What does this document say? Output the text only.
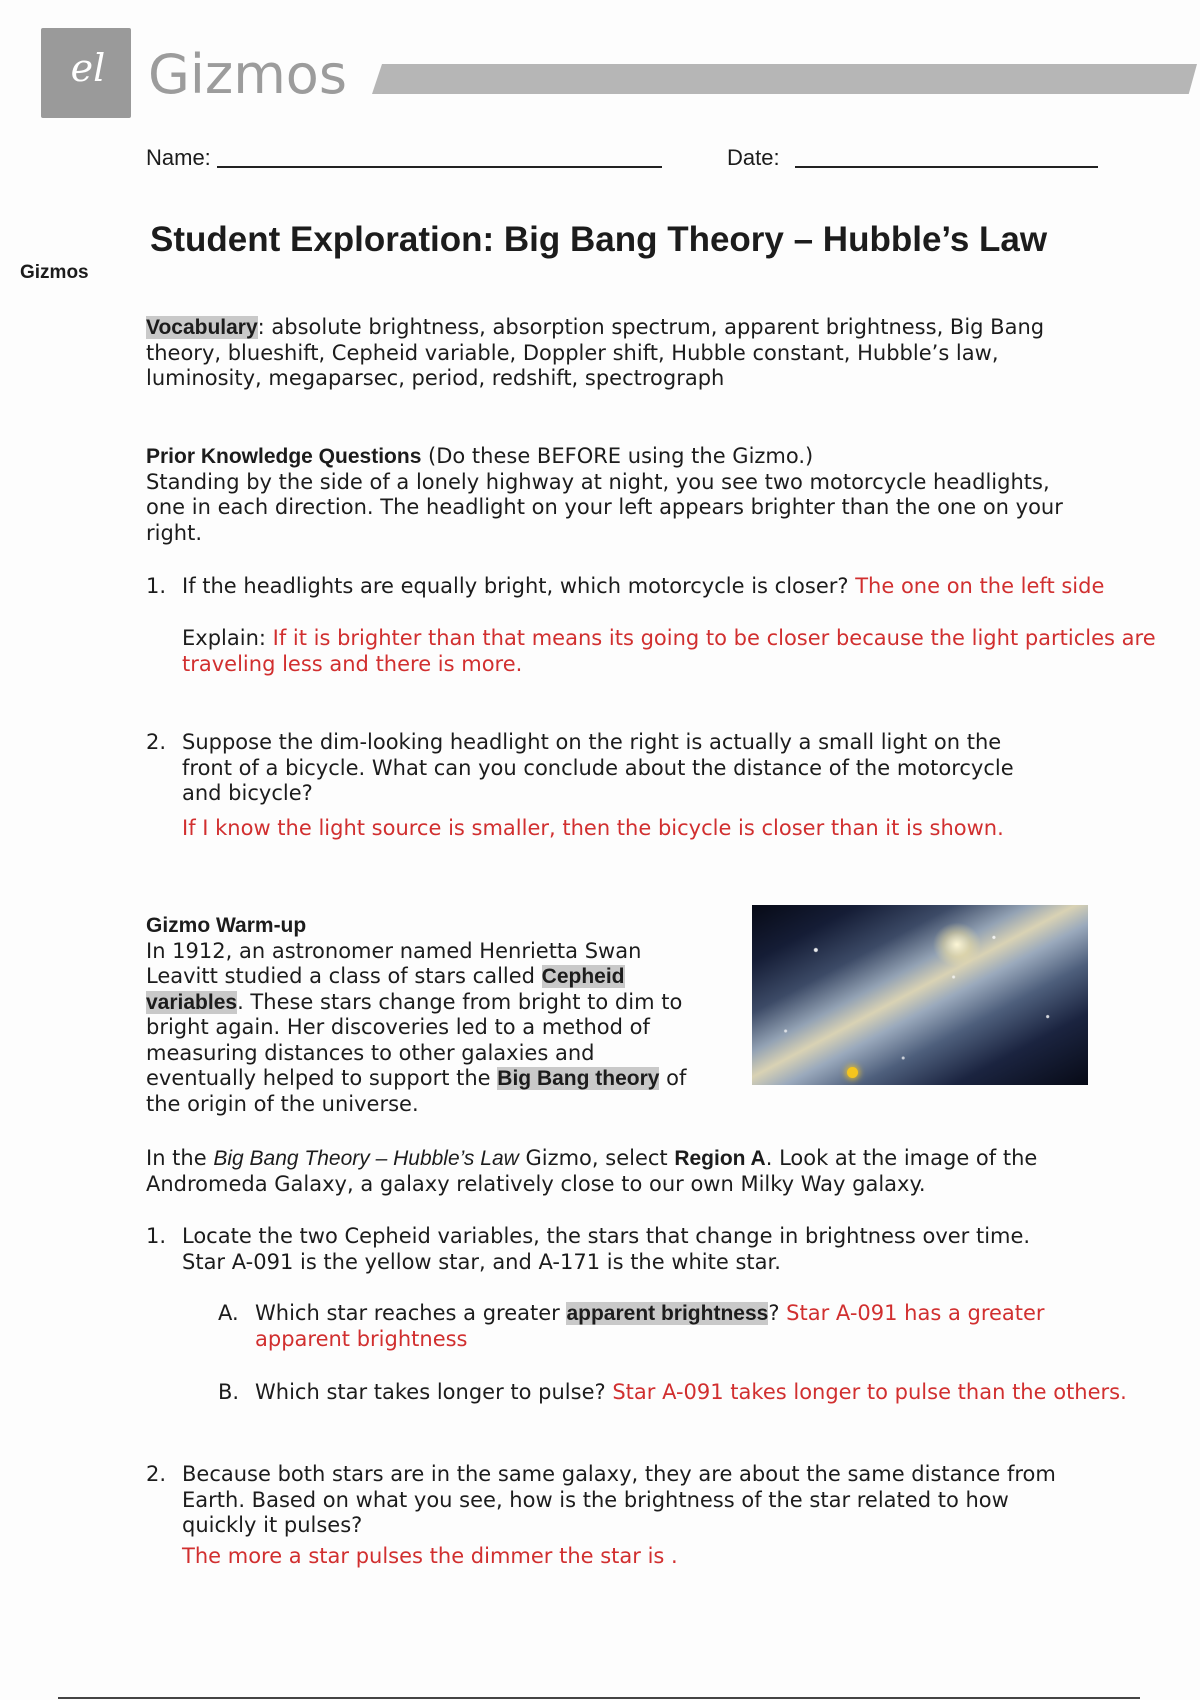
el Gizmos
Gizmos
Name:	Date:
Student Exploration: Big Bang Theory – Hubble’s Law
Vocabulary: absolute brightness, absorption spectrum, apparent brightness, Big Bang theory, blueshift, Cepheid variable, Doppler shift, Hubble constant, Hubble’s law, luminosity, megaparsec, period, redshift, spectrograph
Prior Knowledge Questions (Do these BEFORE using the Gizmo.)
Standing by the side of a lonely highway at night, you see two motorcycle headlights, one in each direction. The headlight on your left appears brighter than the one on your right.
1. If the headlights are equally bright, which motorcycle is closer? The one on the left side
Explain: If it is brighter than that means its going to be closer because the light particles are traveling less and there is more.
2. Suppose the dim-looking headlight on the right is actually a small light on the front of a bicycle. What can you conclude about the distance of the motorcycle and bicycle?
If I know the light source is smaller, then the bicycle is closer than it is shown.
Gizmo Warm-up
In 1912, an astronomer named Henrietta Swan Leavitt studied a class of stars called Cepheid variables. These stars change from bright to dim to bright again. Her discoveries led to a method of measuring distances to other galaxies and eventually helped to support the Big Bang theory of the origin of the universe.
In the Big Bang Theory – Hubble’s Law Gizmo, select Region A. Look at the image of the Andromeda Galaxy, a galaxy relatively close to our own Milky Way galaxy.
1. Locate the two Cepheid variables, the stars that change in brightness over time. Star A-091 is the yellow star, and A-171 is the white star.
A. Which star reaches a greater apparent brightness? Star A-091 has a greater apparent brightness
B. Which star takes longer to pulse? Star A-091 takes longer to pulse than the others.
2. Because both stars are in the same galaxy, they are about the same distance from Earth. Based on what you see, how is the brightness of the star related to how quickly it pulses?
The more a star pulses the dimmer the star is .
